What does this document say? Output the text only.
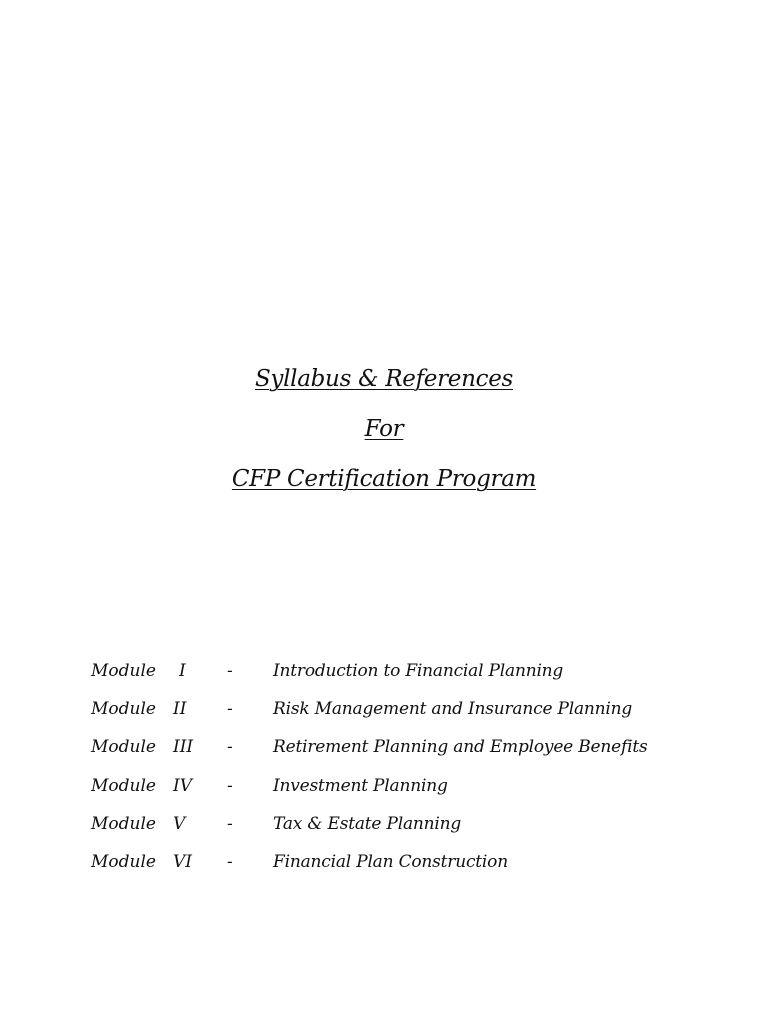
Syllabus & References
For
CFP Certification Program
Module I	- Introduction to Financial Planning
Module II	- Risk Management and Insurance Planning
Module III	- Retirement Planning and Employee Benefits
Module IV	- Investment Planning
Module V	- Tax & Estate Planning
Module VI	- Financial Plan Construction
